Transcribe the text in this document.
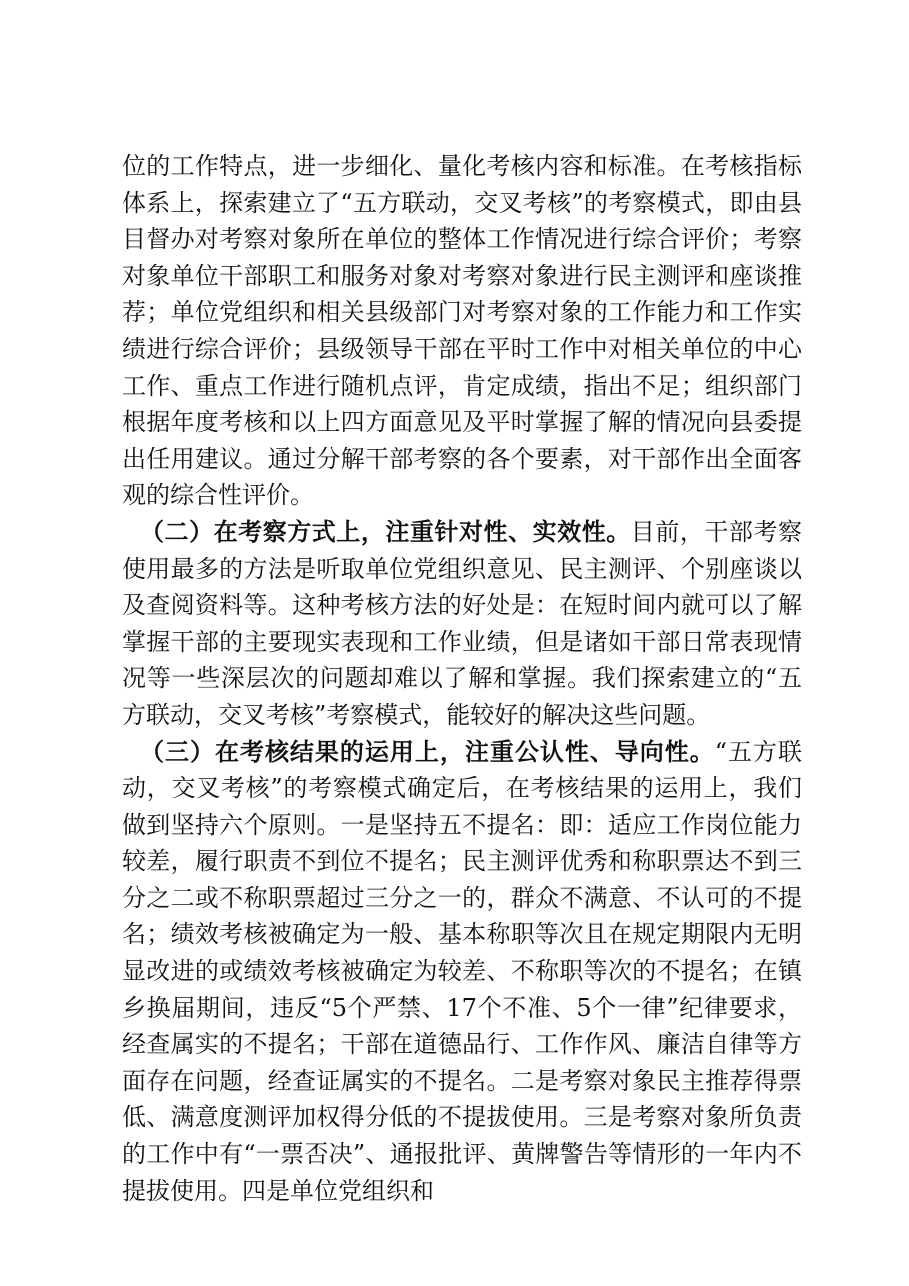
位的工作特点，进一步细化、量化考核内容和标准。在考核指标体系上，探索建立了“五方联动，交叉考核”的考察模式，即由县目督办对考察对象所在单位的整体工作情况进行综合评价；考察对象单位干部职工和服务对象对考察对象进行民主测评和座谈推荐；单位党组织和相关县级部门对考察对象的工作能力和工作实绩进行综合评价；县级领导干部在平时工作中对相关单位的中心工作、重点工作进行随机点评，肯定成绩，指出不足；组织部门根据年度考核和以上四方面意见及平时掌握了解的情况向县委提出任用建议。通过分解干部考察的各个要素，对干部作出全面客观的综合性评价。

（二）在考察方式上，注重针对性、实效性。目前，干部考察使用最多的方法是听取单位党组织意见、民主测评、个别座谈以及查阅资料等。这种考核方法的好处是：在短时间内就可以了解掌握干部的主要现实表现和工作业绩，但是诸如干部日常表现情况等一些深层次的问题却难以了解和掌握。我们探索建立的“五方联动，交叉考核”考察模式，能较好的解决这些问题。

（三）在考核结果的运用上，注重公认性、导向性。“五方联动，交叉考核”的考察模式确定后，在考核结果的运用上，我们做到坚持六个原则。一是坚持五不提名：即：适应工作岗位能力较差，履行职责不到位不提名；民主测评优秀和称职票达不到三分之二或不称职票超过三分之一的，群众不满意、不认可的不提名；绩效考核被确定为一般、基本称职等次且在规定期限内无明显改进的或绩效考核被确定为较差、不称职等次的不提名；在镇乡换届期间，违反“5个严禁、17个不准、5个一律”纪律要求，经查属实的不提名；干部在道德品行、工作作风、廉洁自律等方面存在问题，经查证属实的不提名。二是考察对象民主推荐得票低、满意度测评加权得分低的不提拔使用。三是考察对象所负责的工作中有“一票否决”、通报批评、黄牌警告等情形的一年内不提拔使用。四是单位党组织和
